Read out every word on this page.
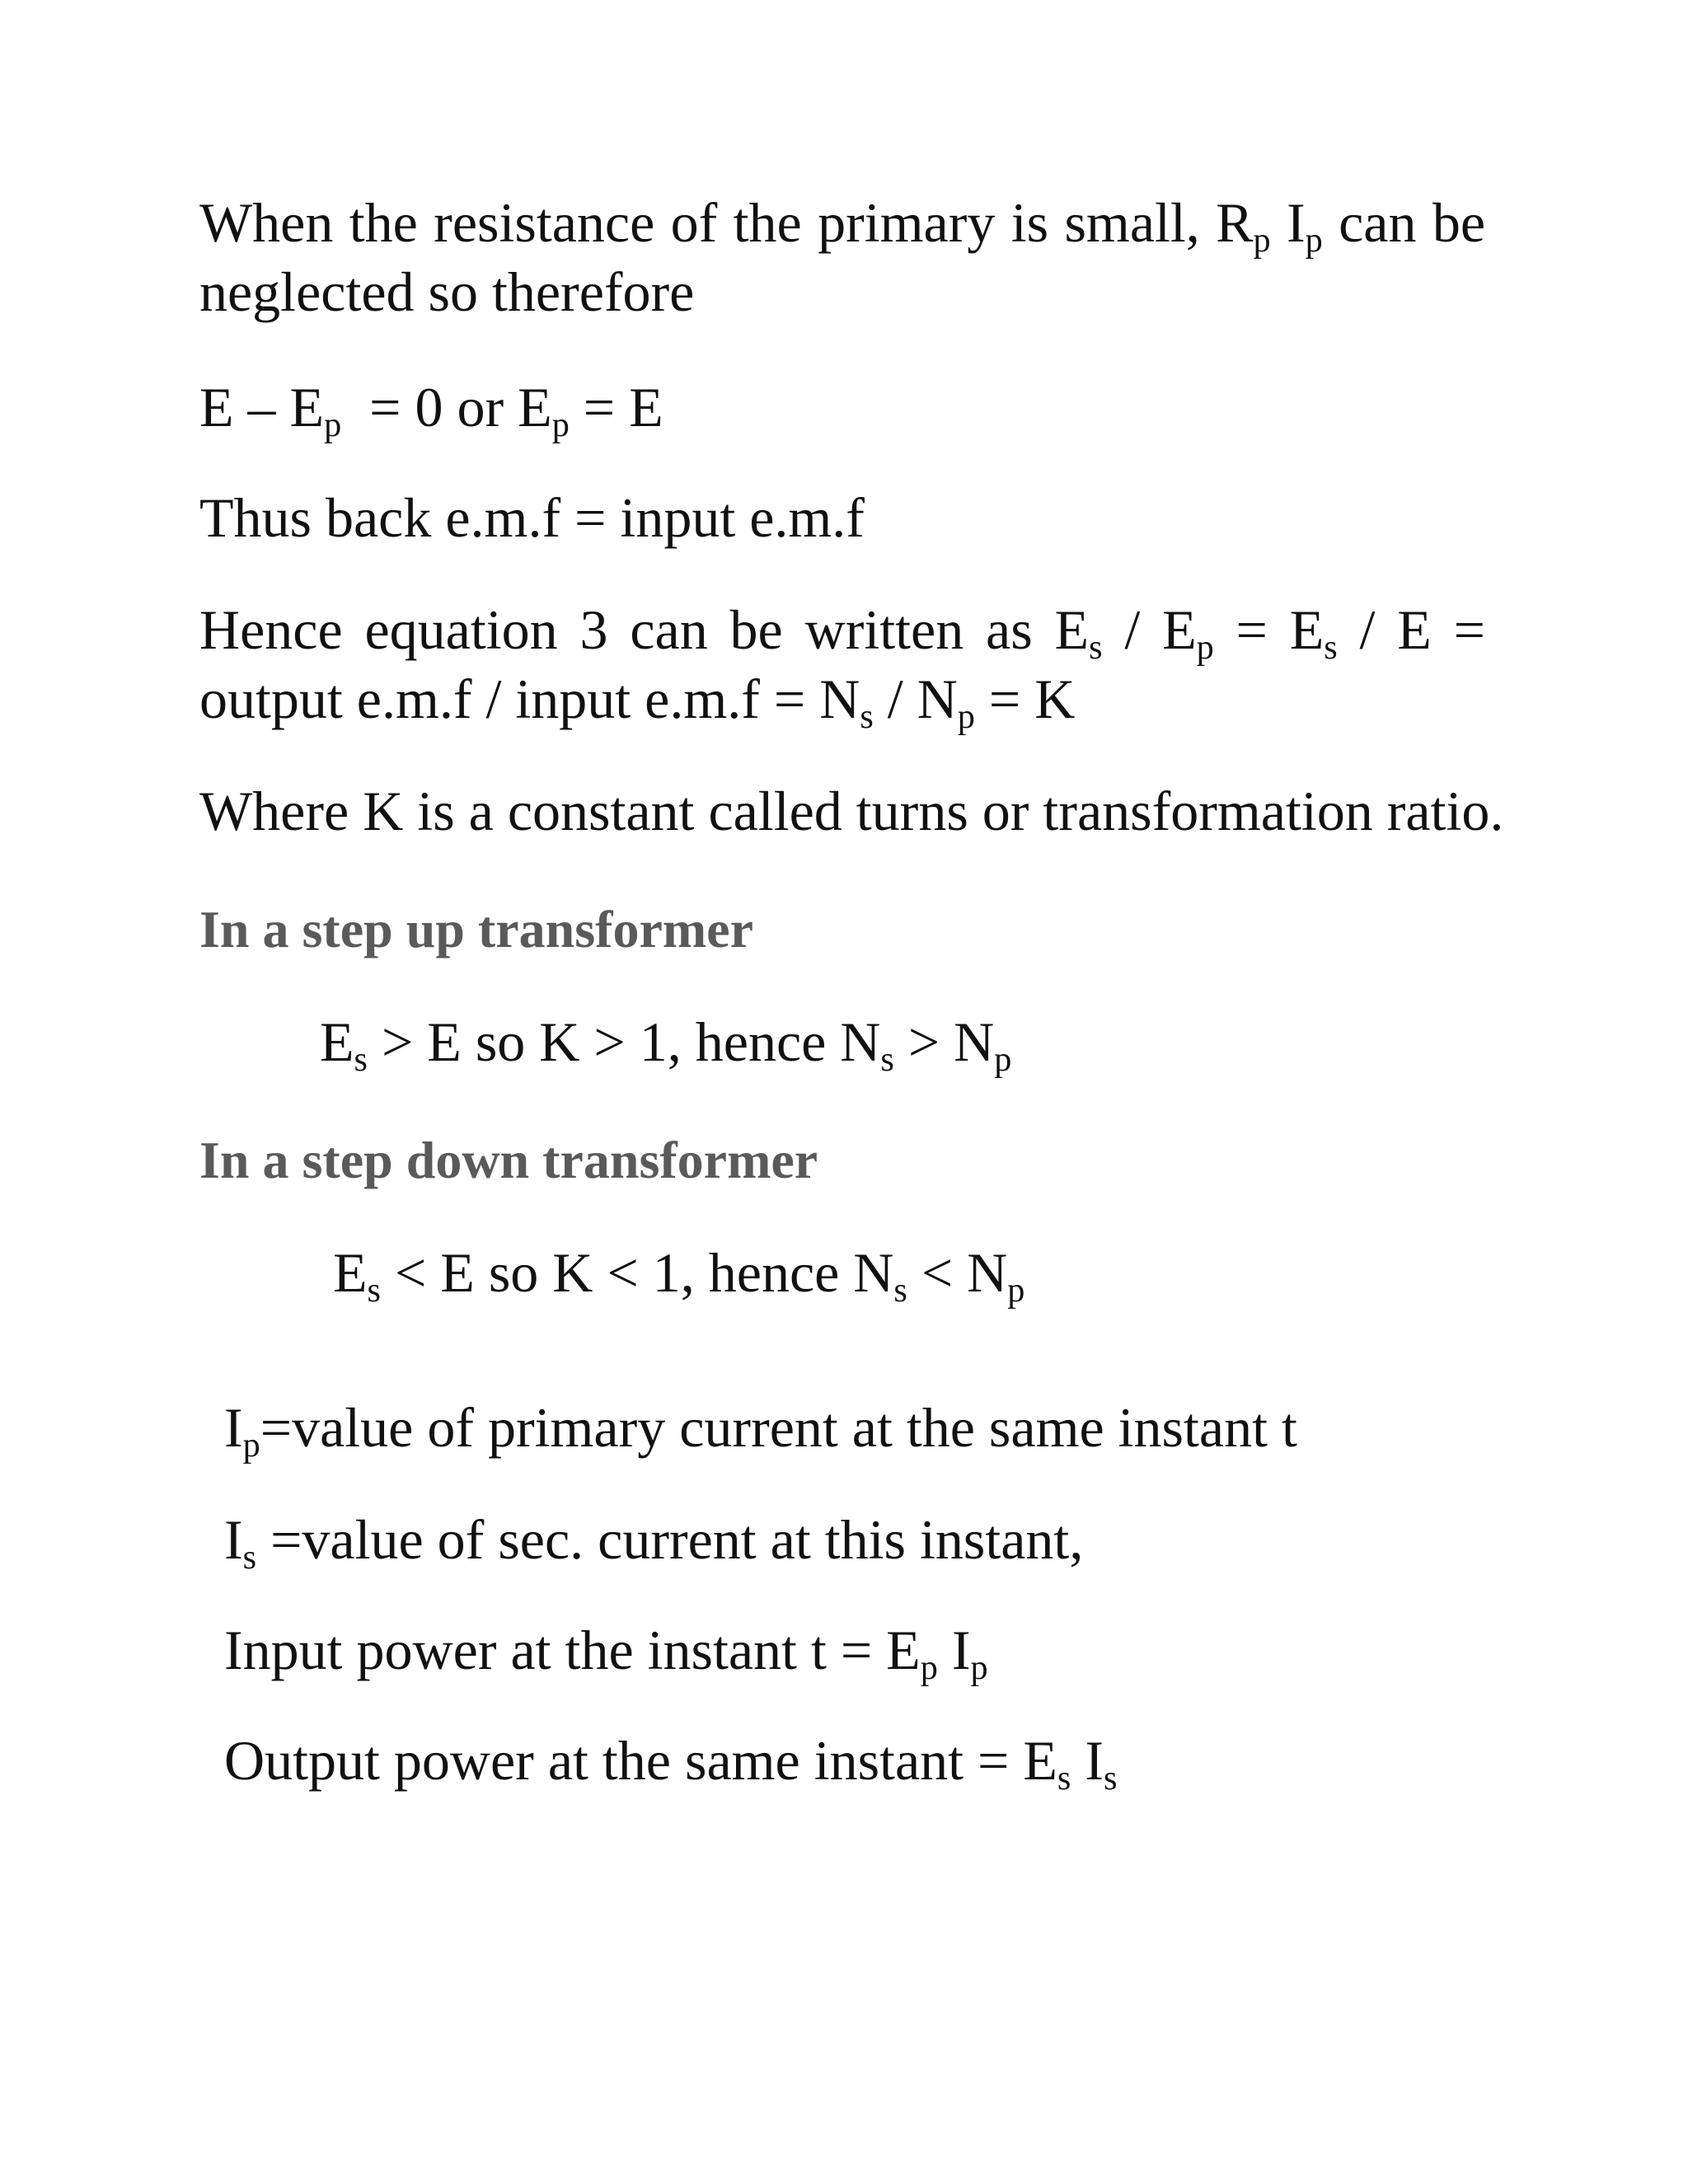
When the resistance of the primary is small, $R_p$ $I_p$ can be neglected so therefore

$E - E_p = 0$ or $E_p = E$
Thus back e.m.f = input e.m.f

Hence equation 3 can be written as $E_s / E_p = E_s / E$ = output e.m.f / input $e.m.f = N_s / N_p = K$

Where K is a constant called turns or transformation ratio.
In a step up transformer
$E_s > E$ so K > 1, hence $N_s > N_p$
In a step down transformer
$E_s < E$ so K < 1, hence $N_s < N_p$
$I_p=value$ of primary current at the same instant t
$I_s$ =value of sec. current at this instant,
Input power at the instant $t = E_p$ $I_p$
Output power at the same $instant = E_s$ $I_s$
